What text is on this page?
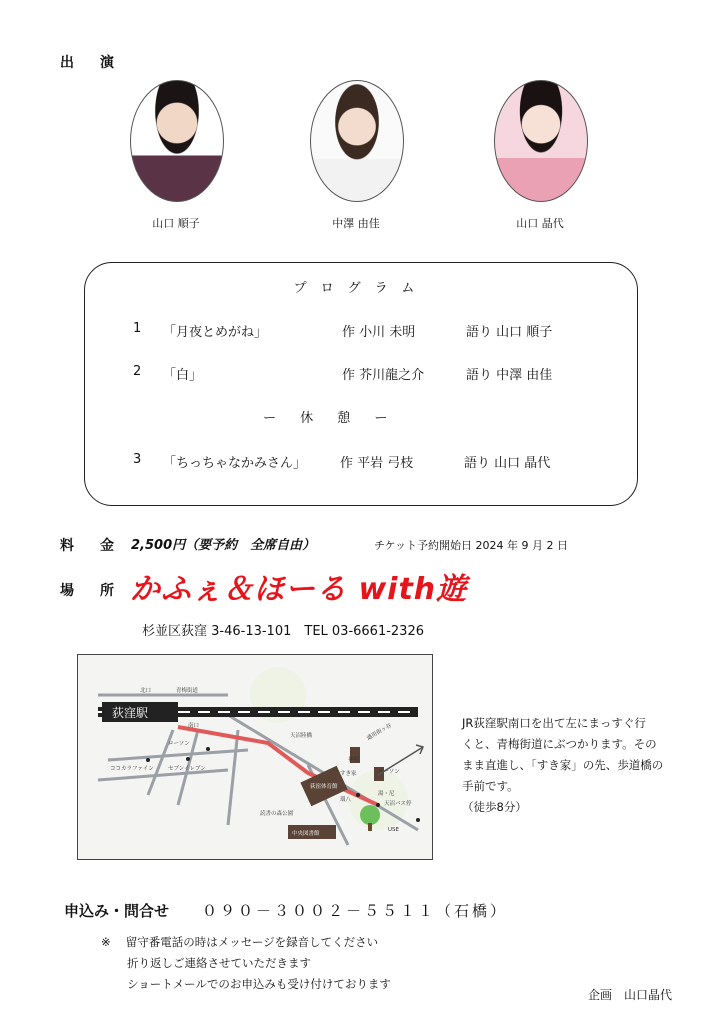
出　演
山口 順子	中澤 由佳	山口 晶代
プログラム
1 「月夜とめがね」	作 小川 未明	語り 山口 順子
2 「白」	作 芥川龍之介	語り 中澤 由佳
ー 休 憩 ー
3 「ちっちゃなかみさん」	作 平岩 弓枝	語り 山口 晶代
料　金 2,500円（要予約　全席自由）	チケット予約開始日 2024 年 9 月 2 日
場　所 かふぇ＆ほーる with遊
杉並区荻窪 3-46-13-101　TEL 03-6661-2326
荻窪駅
北口	青梅街道
南口
天沼陸橋
ローソン
ローソン
ココカラファイン	セブンイレブン
すき家
荻窪体育館
環八
天沼バス停
読書の森公園
中央図書館
USE
神明
湯・尼
通用街ヶ谷	JR荻窪駅南口を出て左にまっすぐ行
くと、青梅街道にぶつかります。その
まま直進し、「すき家」の先、歩道橋の
手前です。
（徒歩8分）
申込み・問合せ ０９０－３００２－５５１１（石橋）
※　 留守番電話の時はメッセージを録音してください
折り返しご連絡させていただきます
ショートメールでのお申込みも受け付けております
企画　山口晶代
